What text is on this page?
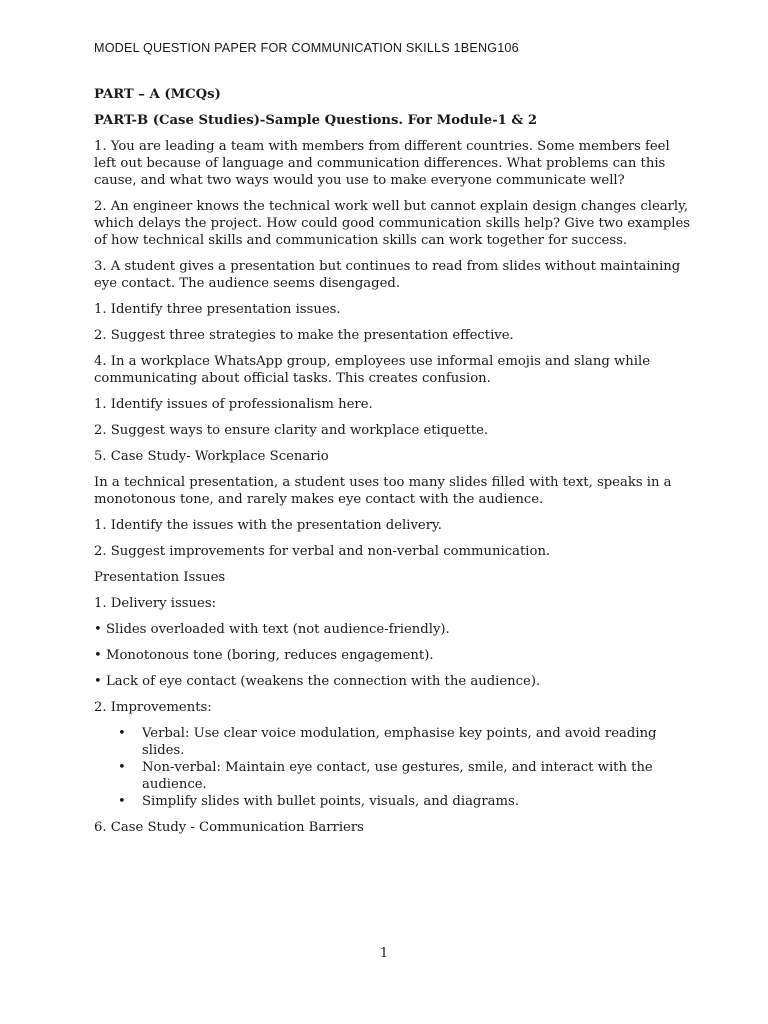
MODEL QUESTION PAPER FOR COMMUNICATION SKILLS 1BENG106

PART – A (MCQs)

PART-B (Case Studies)-Sample Questions. For Module-1 & 2

1. You are leading a team with members from different countries. Some members feel left out because of language and communication differences. What problems can this cause, and what two ways would you use to make everyone communicate well?

2. An engineer knows the technical work well but cannot explain design changes clearly, which delays the project. How could good communication skills help? Give two examples of how technical skills and communication skills can work together for success.

3. A student gives a presentation but continues to read from slides without maintaining eye contact. The audience seems disengaged.

1. Identify three presentation issues.

2. Suggest three strategies to make the presentation effective.

4. In a workplace WhatsApp group, employees use informal emojis and slang while communicating about official tasks. This creates confusion.

1. Identify issues of professionalism here.

2. Suggest ways to ensure clarity and workplace etiquette.

5. Case Study- Workplace Scenario

In a technical presentation, a student uses too many slides filled with text, speaks in a monotonous tone, and rarely makes eye contact with the audience.

1. Identify the issues with the presentation delivery.

2. Suggest improvements for verbal and non-verbal communication.

Presentation Issues

1. Delivery issues:

• Slides overloaded with text (not audience-friendly).

• Monotonous tone (boring, reduces engagement).

• Lack of eye contact (weakens the connection with the audience).

2. Improvements:

• Verbal: Use clear voice modulation, emphasise key points, and avoid reading slides.
• Non-verbal: Maintain eye contact, use gestures, smile, and interact with the audience.
• Simplify slides with bullet points, visuals, and diagrams.

6. Case Study - Communication Barriers

1
